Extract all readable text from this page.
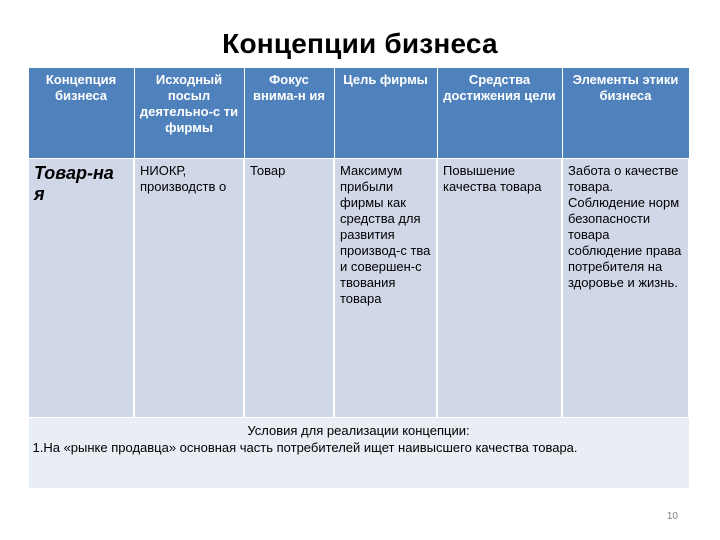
Концепции бизнеса
Концепция бизнеса	Исходный посыл деятельно-с ти фирмы	Фокус внима-н ия	Цель фирмы	Средства достижения цели	Элементы этики бизнеса
Товар-на я	НИОКР, производств о	Товар	Максимум прибыли фирмы как средства для развития производ-с тва и совершен-с твования товара	Повышение качества товара	Забота о качестве товара. Соблюдение норм безопасности товара соблюдение права потребителя на здоровье и жизнь.

Условия для реализации концепции:
1.На «рынке продавца» основная часть потребителей ищет наивысшего качества товара.					
10
